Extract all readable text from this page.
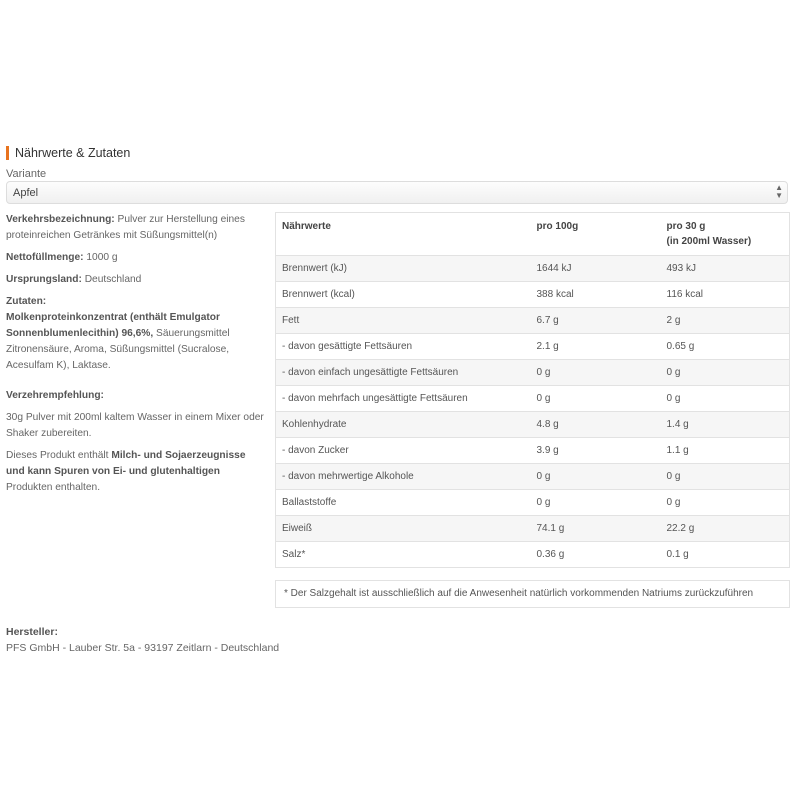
Nährwerte & Zutaten
Variante
Apfel	▲
▼

Verkehrsbezeichnung: Pulver zur Herstellung eines proteinreichen Getränkes mit Süßungsmittel(n)

Nettofüllmenge: 1000 g

Ursprungsland: Deutschland

Zutaten:

Molkenproteinkonzentrat (enthält Emulgator Sonnenblumenlecithin) 96,6%, Säuerungsmittel Zitronensäure, Aroma, Süßungsmittel (Sucralose, Acesulfam K), Laktase.

Verzehrempfehlung:

30g Pulver mit 200ml kaltem Wasser in einem Mixer oder Shaker zubereiten.

Dieses Produkt enthält Milch- und Sojaerzeugnisse und kann Spuren von Ei- und glutenhaltigen Produkten enthalten.

Nährwerte	pro 100g	pro 30 g
(in 200ml Wasser)
Brennwert (kJ)	1644 kJ	493 kJ
Brennwert (kcal)	388 kcal	116 kcal
Fett	6.7 g	2 g
- davon gesättigte Fettsäuren	2.1 g	0.65 g
- davon einfach ungesättigte Fettsäuren	0 g	0 g
- davon mehrfach ungesättigte Fettsäuren	0 g	0 g
Kohlenhydrate	4.8 g	1.4 g
- davon Zucker	3.9 g	1.1 g
- davon mehrwertige Alkohole	0 g	0 g
Ballaststoffe	0 g	0 g
Eiweiß	74.1 g	22.2 g
Salz*	0.36 g	0.1 g
* Der Salzgehalt ist ausschließlich auf die Anwesenheit natürlich vorkommenden Natriums zurückzuführen
Hersteller:
PFS GmbH - Lauber Str. 5a - 93197 Zeitlarn - Deutschland
